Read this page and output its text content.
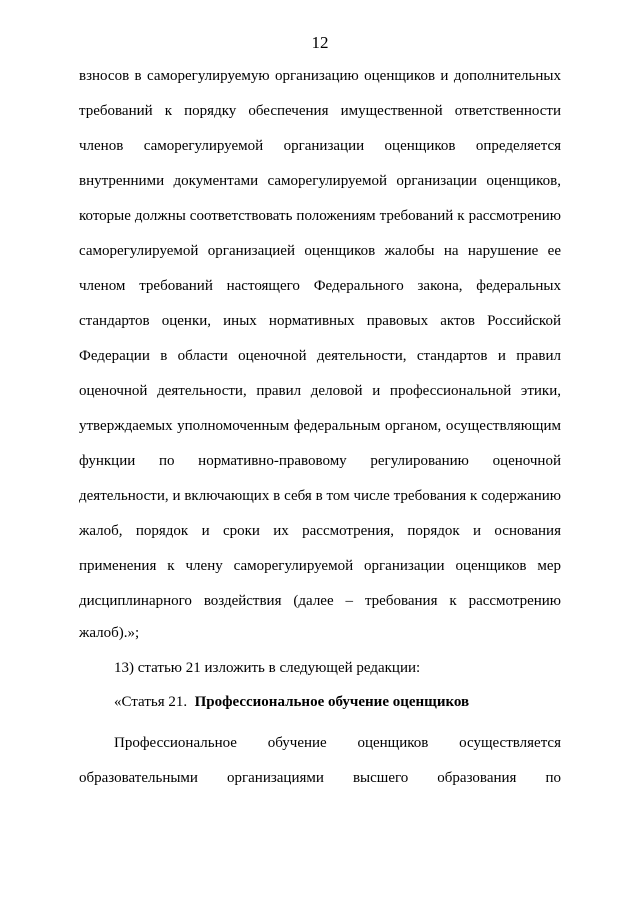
12
взносов в саморегулируемую организацию оценщиков и дополнительных
требований к порядку обеспечения имущественной ответственности
членов саморегулируемой организации оценщиков определяется
внутренними документами саморегулируемой организации оценщиков,
которые должны соответствовать положениям требований к рассмотрению
саморегулируемой организацией оценщиков жалобы на нарушение ее
членом требований настоящего Федерального закона, федеральных
стандартов оценки, иных нормативных правовых актов Российской
Федерации в области оценочной деятельности, стандартов и правил
оценочной деятельности, правил деловой и профессиональной этики,
утверждаемых уполномоченным федеральным органом, осуществляющим
функции по нормативно-правовому регулированию оценочной
деятельности, и включающих в себя в том числе требования к содержанию
жалоб, порядок и сроки их рассмотрения, порядок и основания
применения к члену саморегулируемой организации оценщиков мер
дисциплинарного воздействия (далее – требования к рассмотрению
жалоб).»;
13) статью 21 изложить в следующей редакции:
«Статья 21. Профессиональное обучение оценщиков
Профессиональное обучение оценщиков осуществляется
образовательными организациями высшего образования по
